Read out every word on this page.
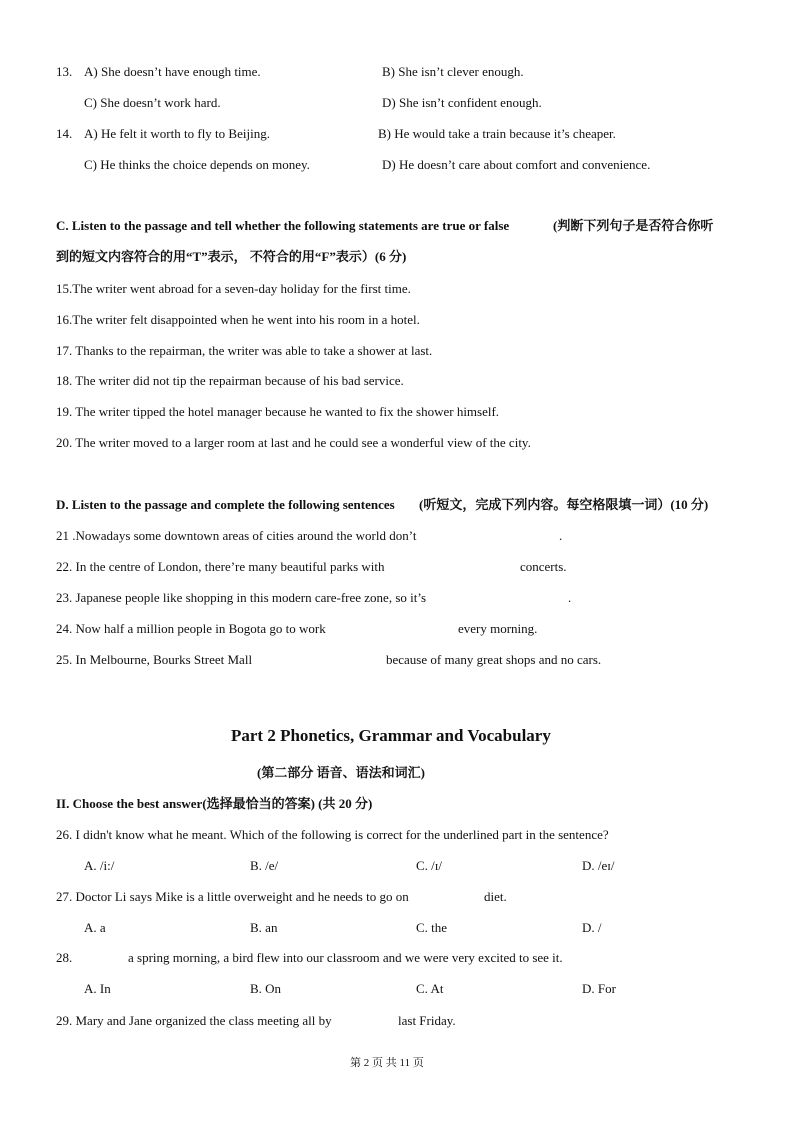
13. A) She doesn’t have enough time.	B) She isn’t clever enough.
C) She doesn’t work hard.	D) She isn’t confident enough.
14. A) He felt it worth to fly to Beijing.	B) He would take a train because it’s cheaper.
C) He thinks the choice depends on money.	D) He doesn’t care about comfort and convenience.
C. Listen to the passage and tell whether the following statements are true or false	(判断下列句子是否符合你听
到的短文内容符合的用“T”表示， 不符合的用“F”表示）(6 分)
15.The writer went abroad for a seven-day holiday for the first time.
16.The writer felt disappointed when he went into his room in a hotel.
17. Thanks to the repairman, the writer was able to take a shower at last.
18. The writer did not tip the repairman because of his bad service.
19. The writer tipped the hotel manager because he wanted to fix the shower himself.
20. The writer moved to a larger room at last and he could see a wonderful view of the city.
D. Listen to the passage and complete the following sentences (听短文，完成下列内容。每空格限填一词）(10 分)
21 .Nowadays some downtown areas of cities around the world don’t	.
22. In the centre of London, there’re many beautiful parks with	concerts.
23. Japanese people like shopping in this modern care-free zone, so it’s	.
24. Now half a million people in Bogota go to work	every morning.
25. In Melbourne, Bourks Street Mall	because of many great shops and no cars.
Part 2 Phonetics, Grammar and Vocabulary
(第二部分 语音、语法和词汇)
II. Choose the best answer(选择最恰当的答案) (共 20 分)
26. I didn't know what he meant. Which of the following is correct for the underlined part in the sentence?
A. /i:/	B. /e/	C. /ɪ/	D. /eɪ/
27. Doctor Li says Mike is a little overweight and he needs to go on	diet.
A. a	B. an	C. the	D. /
28.	a spring morning, a bird flew into our classroom and we were very excited to see it.
A. In	B. On	C. At	D. For
29. Mary and Jane organized the class meeting all by	last Friday.
第 2 页 共 11 页
